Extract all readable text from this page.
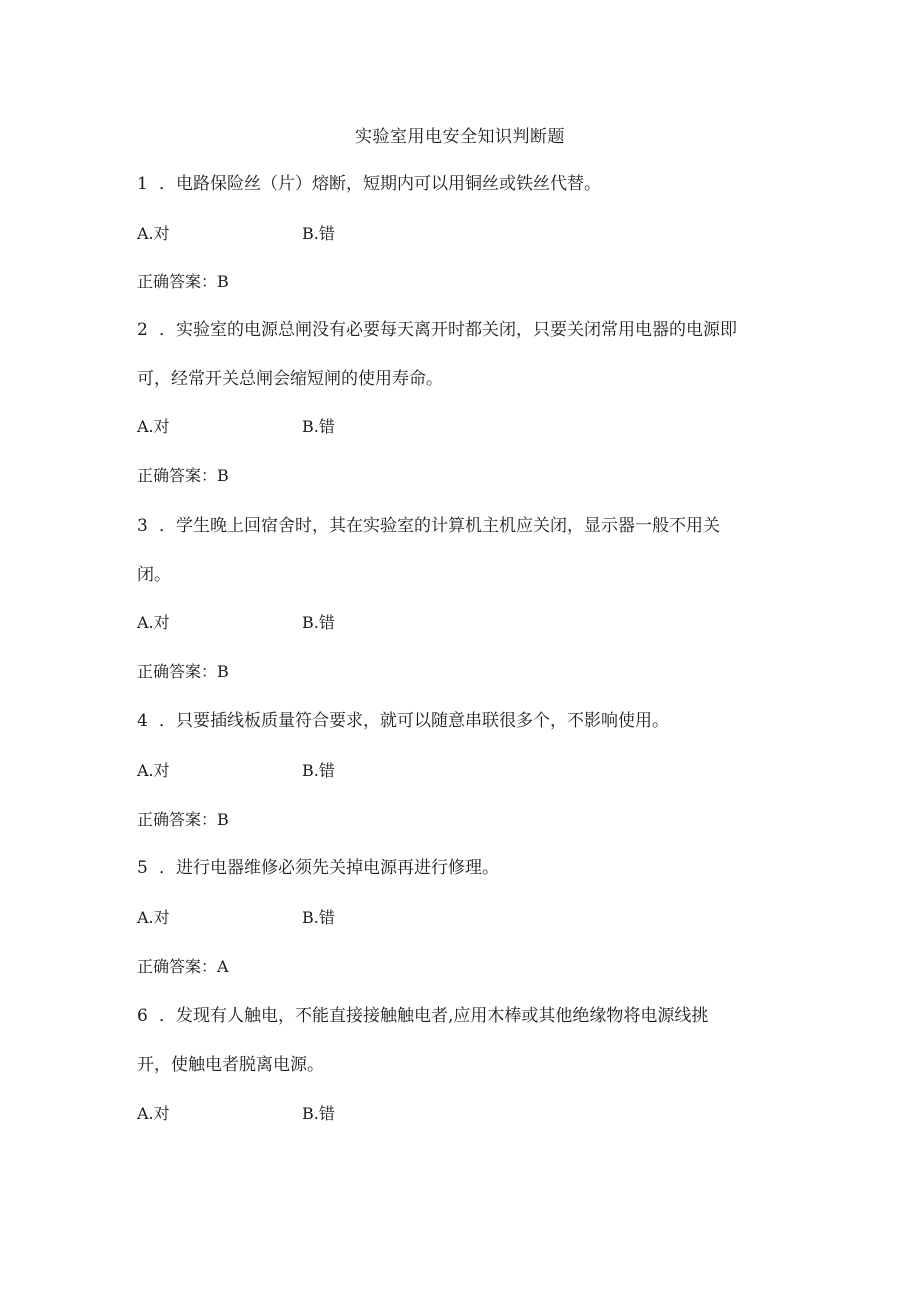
实验室用电安全知识判断题
1 ．电路保险丝（片）熔断，短期内可以用铜丝或铁丝代替。
A.对	B.错
正确答案：B
2 ．实验室的电源总闸没有必要每天离开时都关闭，只要关闭常用电器的电源即
可，经常开关总闸会缩短闸的使用寿命。
A.对	B.错
正确答案：B
3 ．学生晚上回宿舍时，其在实验室的计算机主机应关闭，显示器一般不用关
闭。
A.对	B.错
正确答案：B
4 ．只要插线板质量符合要求，就可以随意串联很多个，不影响使用。
A.对	B.错
正确答案：B
5 ．进行电器维修必须先关掉电源再进行修理。
A.对	B.错
正确答案：A
6 ．发现有人触电，不能直接接触触电者,应用木棒或其他绝缘物将电源线挑
开，使触电者脱离电源。
A.对	B.错
